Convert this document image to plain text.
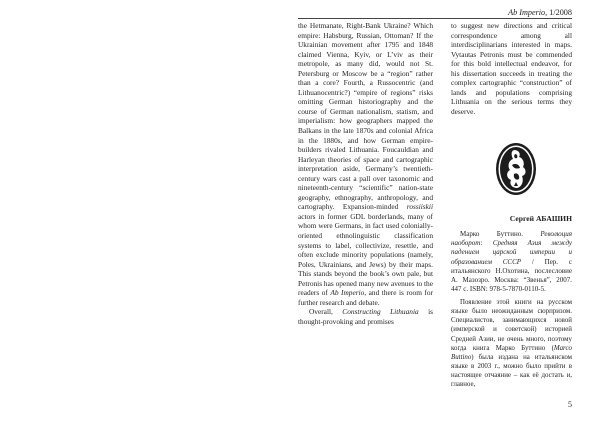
Ab Imperio, 1/2008

the Hetmanate, Right-Bank Ukraine? Which empire: Habsburg, Russian, Ottoman? If the Ukrainian movement after 1795 and 1848 claimed Vienna, Kyiv, or L’viv as their metropole, as many did, would not St. Petersburg or Moscow be a “region” rather than a core? Fourth, a Russocentric (and Lithuanocentric?) “empire of regions” risks omitting German historiography and the course of German nationalism, statism, and imperialism: how geographers mapped the Balkans in the late 1870s and colonial Africa in the 1880s, and how German empire-builders rivaled Lithuania. Foucauldian and Harleyan theories of space and cartographic interpretation aside, Germany’s twentieth-century wars cast a pall over taxonomic and nineteenth-century “scientific” nation-state geography, ethnography, anthropology, and cartography. Expansion-minded rossiiskii actors in former GDL borderlands, many of whom were Germans, in fact used colonially-oriented ethnolinguistic classification systems to label, collectivize, resettle, and often exclude minority populations (namely, Poles, Ukrainians, and Jews) by their maps. This stands beyond the book’s own pale, but Petronis has opened many new avenues to the readers of Ab Imperio, and there is room for further research and debate.

Overall, Constructing Lithuania is thought-provoking and promises

to suggest new directions and critical correspondence among all interdisciplinarians interested in maps. Vytautas Petronis must be commended for this bold intellectual endeavor, for his dissertation succeeds in treating the complex cartographic “construction” of lands and populations comprising Lithuania on the serious terms they deserve.

Сергей АБАШИН
Марко Буттино. Революция наоборот: Средняя Азия между падением царской империи и образованием СССР / Пер. с итальянского Н.Охотина, послесловие А. Мазозро. Москва: “Звенья”, 2007. 447 с. ISBN: 978-5-7870-0110-5.
Появление этой книги на русском языке было неожиданным сюрпризом. Специалистов, занимающихся новой (имперской и советской) историей Средней Азии, не очень много, поэтому когда книга Марко Буттино (Marco Buttino) была издана на итальянском языке в 2003 г., можно было прийти в настоящее отчаяние – как её достать и, главное,
5
